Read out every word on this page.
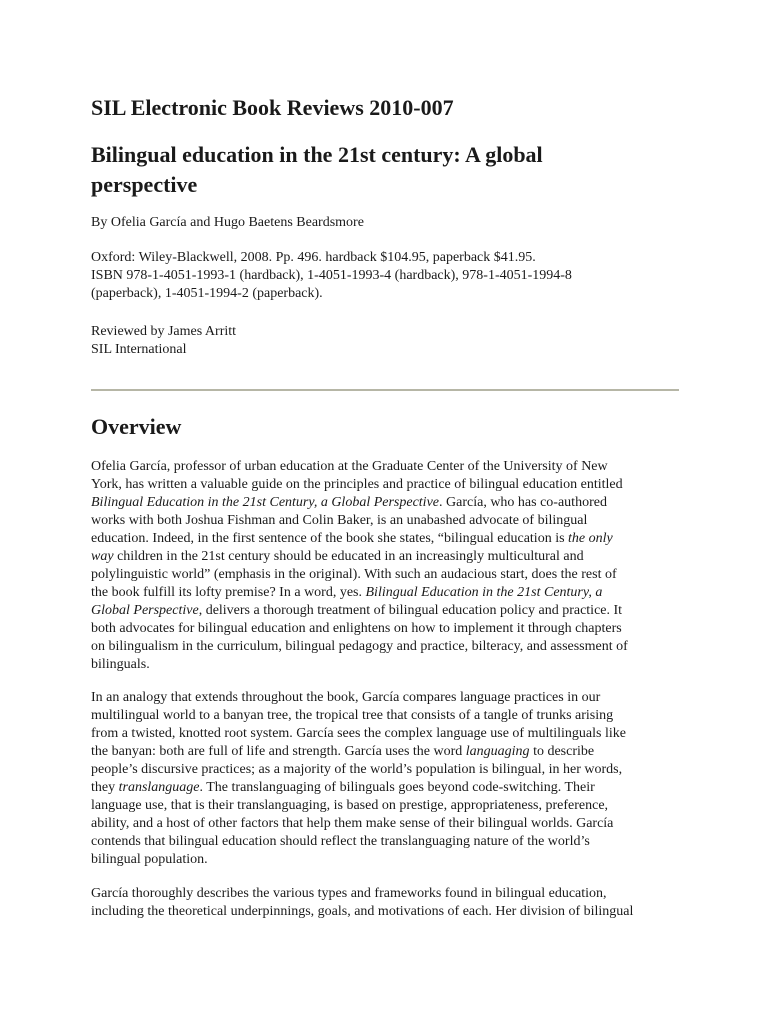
SIL Electronic Book Reviews 2010-007
Bilingual education in the 21st century: A global perspective

By Ofelia García and Hugo Baetens Beardsmore

Oxford: Wiley-Blackwell, 2008. Pp. 496. hardback $104.95, paperback $41.95.
ISBN 978-1-4051-1993-1 (hardback), 1-4051-1993-4 (hardback), 978-1-4051-1994-8
(paperback), 1-4051-1994-2 (paperback).

Reviewed by James Arritt
SIL International

Overview

Ofelia García, professor of urban education at the Graduate Center of the University of New
York, has written a valuable guide on the principles and practice of bilingual education entitled
Bilingual Education in the 21st Century, a Global Perspective. García, who has co-authored
works with both Joshua Fishman and Colin Baker, is an unabashed advocate of bilingual
education. Indeed, in the first sentence of the book she states, “bilingual education is the only
way children in the 21st century should be educated in an increasingly multicultural and
polylinguistic world” (emphasis in the original). With such an audacious start, does the rest of
the book fulfill its lofty premise? In a word, yes. Bilingual Education in the 21st Century, a
Global Perspective, delivers a thorough treatment of bilingual education policy and practice. It
both advocates for bilingual education and enlightens on how to implement it through chapters
on bilingualism in the curriculum, bilingual pedagogy and practice, bilteracy, and assessment of
bilinguals.

In an analogy that extends throughout the book, García compares language practices in our
multilingual world to a banyan tree, the tropical tree that consists of a tangle of trunks arising
from a twisted, knotted root system. García sees the complex language use of multilinguals like
the banyan: both are full of life and strength. García uses the word languaging to describe
people’s discursive practices; as a majority of the world’s population is bilingual, in her words,
they translanguage. The translanguaging of bilinguals goes beyond code-switching. Their
language use, that is their translanguaging, is based on prestige, appropriateness, preference,
ability, and a host of other factors that help them make sense of their bilingual worlds. García
contends that bilingual education should reflect the translanguaging nature of the world’s
bilingual population.

García thoroughly describes the various types and frameworks found in bilingual education,
including the theoretical underpinnings, goals, and motivations of each. Her division of bilingual
